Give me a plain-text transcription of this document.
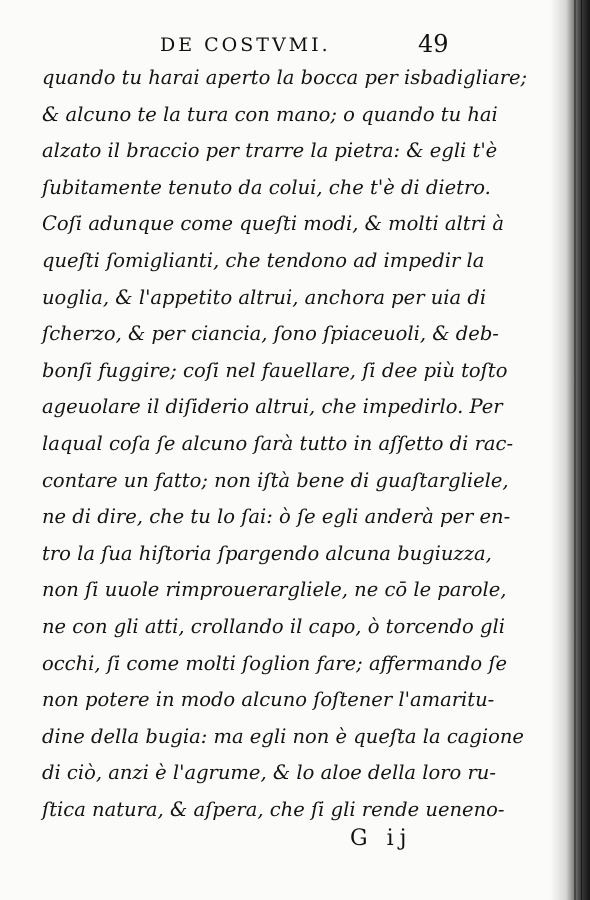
DE COSTVMI.	49
quando tu harai aperto la bocca per isbadigliare;
& alcuno te la tura con mano; o quando tu hai
alzato il braccio per trarre la pietra: & egli t'è
ſubitamente tenuto da colui, che t'è di dietro.
Coſi adunque come queſti modi, & molti altri à
queſti ſomiglianti, che tendono ad impedir la
uoglia, & l'appetito altrui, anchora per uia di
ſcherzo, & per ciancia, ſono ſpiaceuoli, & deb-
bonſi fuggire; coſi nel fauellare, ſi dee più toſto
ageuolare il diſiderio altrui, che impedirlo. Per
laqual coſa ſe alcuno ſarà tutto in aſſetto di rac-
contare un fatto; non iſtà bene di guaſtargliele,
ne di dire, che tu lo ſai: ò ſe egli anderà per en-
tro la ſua hiſtoria ſpargendo alcuna bugiuzza,
non ſi uuole rimprouerargliele, ne cō le parole,
ne con gli atti, crollando il capo, ò torcendo gli
occhi, ſi come molti ſoglion fare; affermando ſe
non potere in modo alcuno ſoſtener l'amaritu-
dine della bugia: ma egli non è queſta la cagione
di ciò, anzi è l'agrume, & lo aloe della loro ru-
ſtica natura, & aſpera, che ſi gli rende ueneno-
G ij
